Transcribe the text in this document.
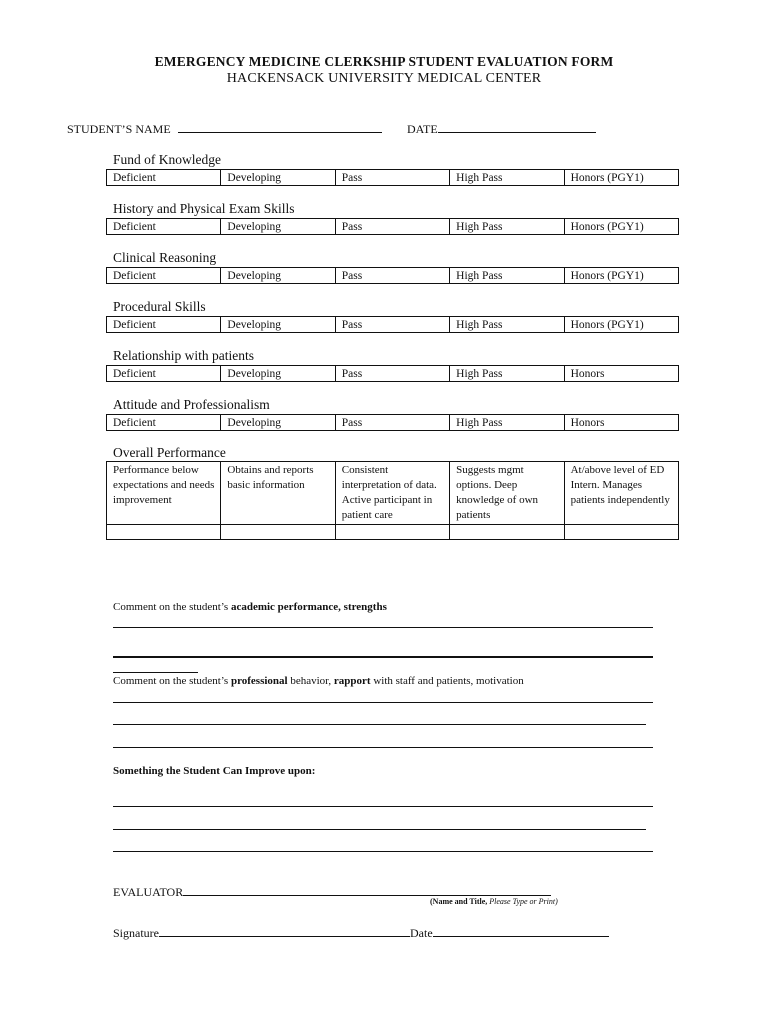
EMERGENCY MEDICINE CLERKSHIP STUDENT EVALUATION FORM
HACKENSACK UNIVERSITY MEDICAL CENTER
STUDENT’S NAME	DATE
Fund of Knowledge
Deficient	Developing	Pass	High Pass	Honors (PGY1)
History and Physical Exam Skills
Deficient	Developing	Pass	High Pass	Honors (PGY1)
Clinical Reasoning
Deficient	Developing	Pass	High Pass	Honors (PGY1)
Procedural Skills
Deficient	Developing	Pass	High Pass	Honors (PGY1)
Relationship with patients
Deficient	Developing	Pass	High Pass	Honors
Attitude and Professionalism
Deficient	Developing	Pass	High Pass	Honors
Overall Performance
Performance below expectations and needs improvement	Obtains and reports basic information	Consistent interpretation of data. Active participant in patient care	Suggests mgmt options. Deep knowledge of own patients	At/above level of ED Intern. Manages patients independently

Comment on the student’s academic performance, strengths
Comment on the student’s professional behavior, rapport with staff and patients, motivation
Something the Student Can Improve upon:
EVALUATOR
(Name and Title, Please Type or Print)
Signature	Date
